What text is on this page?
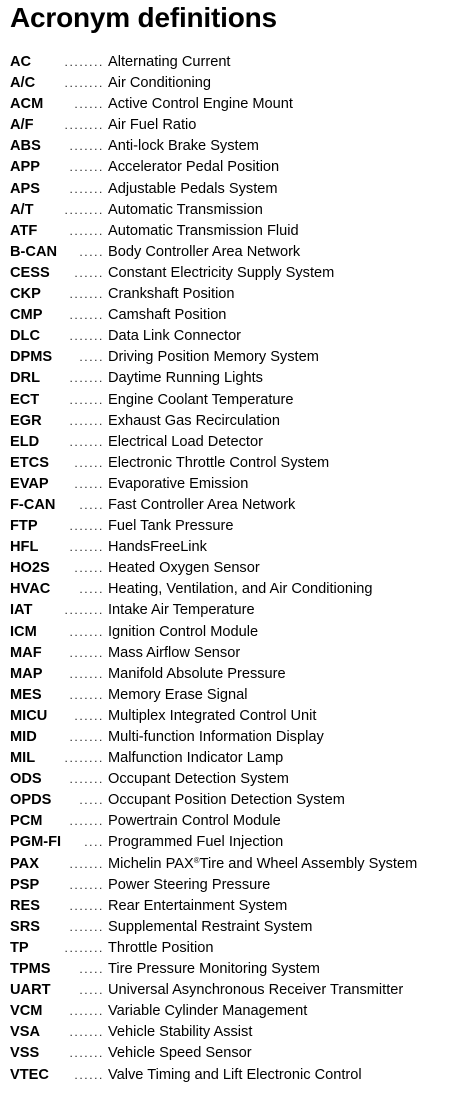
Acronym definitions
AC	........ Alternating Current
A/C	........ Air Conditioning
ACM	...... Active Control Engine Mount
A/F	........ Air Fuel Ratio
ABS	....... Anti-lock Brake System
APP	....... Accelerator Pedal Position
APS	....... Adjustable Pedals System
A/T	........ Automatic Transmission
ATF	....... Automatic Transmission Fluid
B-CAN	..... Body Controller Area Network
CESS	...... Constant Electricity Supply System
CKP	....... Crankshaft Position
CMP	....... Camshaft Position
DLC	....... Data Link Connector
DPMS	..... Driving Position Memory System
DRL	....... Daytime Running Lights
ECT	....... Engine Coolant Temperature
EGR	....... Exhaust Gas Recirculation
ELD	....... Electrical Load Detector
ETCS	...... Electronic Throttle Control System
EVAP	...... Evaporative Emission
F-CAN	..... Fast Controller Area Network
FTP	....... Fuel Tank Pressure
HFL	....... HandsFreeLink
HO2S	...... Heated Oxygen Sensor
HVAC	..... Heating, Ventilation, and Air Conditioning
IAT	........ Intake Air Temperature
ICM	....... Ignition Control Module
MAF	....... Mass Airflow Sensor
MAP	....... Manifold Absolute Pressure
MES	....... Memory Erase Signal
MICU	...... Multiplex Integrated Control Unit
MID	....... Multi-function Information Display
MIL	........ Malfunction Indicator Lamp
ODS	....... Occupant Detection System
OPDS	..... Occupant Position Detection System
PCM	....... Powertrain Control Module
PGM-FI	.... Programmed Fuel Injection
PAX	....... Michelin PAX®Tire and Wheel Assembly System
PSP	....... Power Steering Pressure
RES	....... Rear Entertainment System
SRS	....... Supplemental Restraint System
TP	........ Throttle Position
TPMS	..... Tire Pressure Monitoring System
UART	..... Universal Asynchronous Receiver Transmitter
VCM	....... Variable Cylinder Management
VSA	....... Vehicle Stability Assist
VSS	....... Vehicle Speed Sensor
VTEC	...... Valve Timing and Lift Electronic Control
